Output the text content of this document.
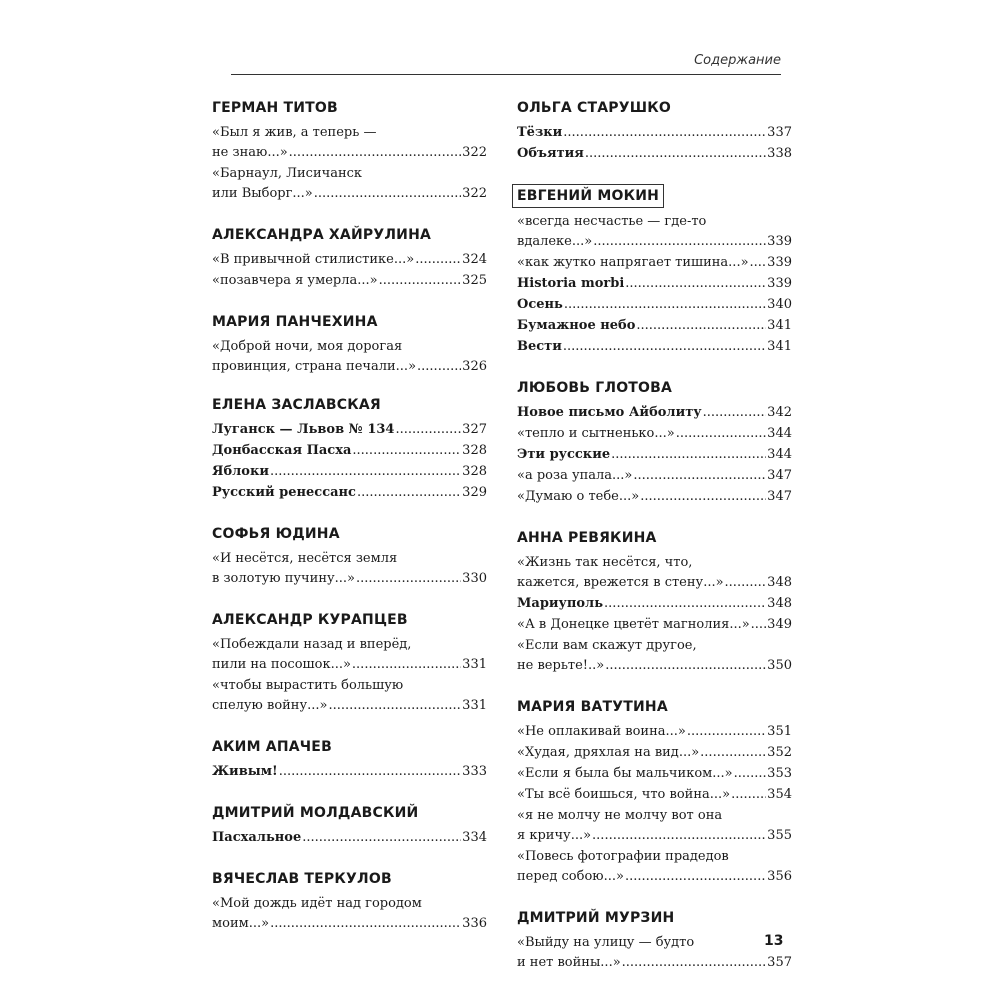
Содержание
ГЕРМАН ТИТОВ
«Был я жив, а теперь —
не знаю...» .....	322
«Барнаул, Лисичанск
или Выборг...» .....	322
АЛЕКСАНДРА ХАЙРУЛИНА
«В привычной стилистике...» .....	324
«позавчера я умерла...» .....	325
МАРИЯ ПАНЧЕХИНА
«Доброй ночи, моя дорогая
провинция, страна печали...» .....	326
ЕЛЕНА ЗАСЛАВСКАЯ
Луганск — Львов № 134 .....	327
Донбасская Пасха .....	328
Яблоки .....	328
Русский ренессанс .....	329
СОФЬЯ ЮДИНА
«И несётся, несётся земля
в золотую пучину...» .....	330
АЛЕКСАНДР КУРАПЦЕВ
«Побеждали назад и вперёд,
пили на посошок...» .....	331
«чтобы вырастить большую
спелую войну...» .....	331
АКИМ АПАЧЕВ
Живым! .....	333
ДМИТРИЙ МОЛДАВСКИЙ
Пасхальное .....	334
ВЯЧЕСЛАВ ТЕРКУЛОВ
«Мой дождь идёт над городом
моим...» .....	336
ОЛЬГА СТАРУШКО
Тёзки .....	337
Объятия .....	338
ЕВГЕНИЙ МОКИН
«всегда несчастье — где-то
вдалеке...» .....	339
«как жутко напрягает тишина...» ..... 339
Historia morbi .....	339
Осень .....	340
Бумажное небо .....	341
Вести .....	341
ЛЮБОВЬ ГЛОТОВА
Новое письмо Айболиту .....	342
«тепло и сытненько...» .....	344
Эти русские .....	344
«а роза упала...» .....	347
«Думаю о тебе...» .....	347
АННА РЕВЯКИНА
«Жизнь так несётся, что,
кажется, врежется в стену...» .....	348
Мариуполь .....	348
«А в Донецке цветёт магнолия...» ..... 349
«Если вам скажут другое,
не верьте!..» .....	350
МАРИЯ ВАТУТИНА
«Не оплакивай воина...» .....	351
«Худая, дряхлая на вид...» .....	352
«Если я была бы мальчиком...» .....	353
«Ты всё боишься, что война...» .....	354
«я не молчу не молчу вот она
я кричу...» .....	355
«Повесь фотографии прадедов
перед собою...» .....	356
ДМИТРИЙ МУРЗИН
«Выйду на улицу — будто
и нет войны...» .....	357
13
